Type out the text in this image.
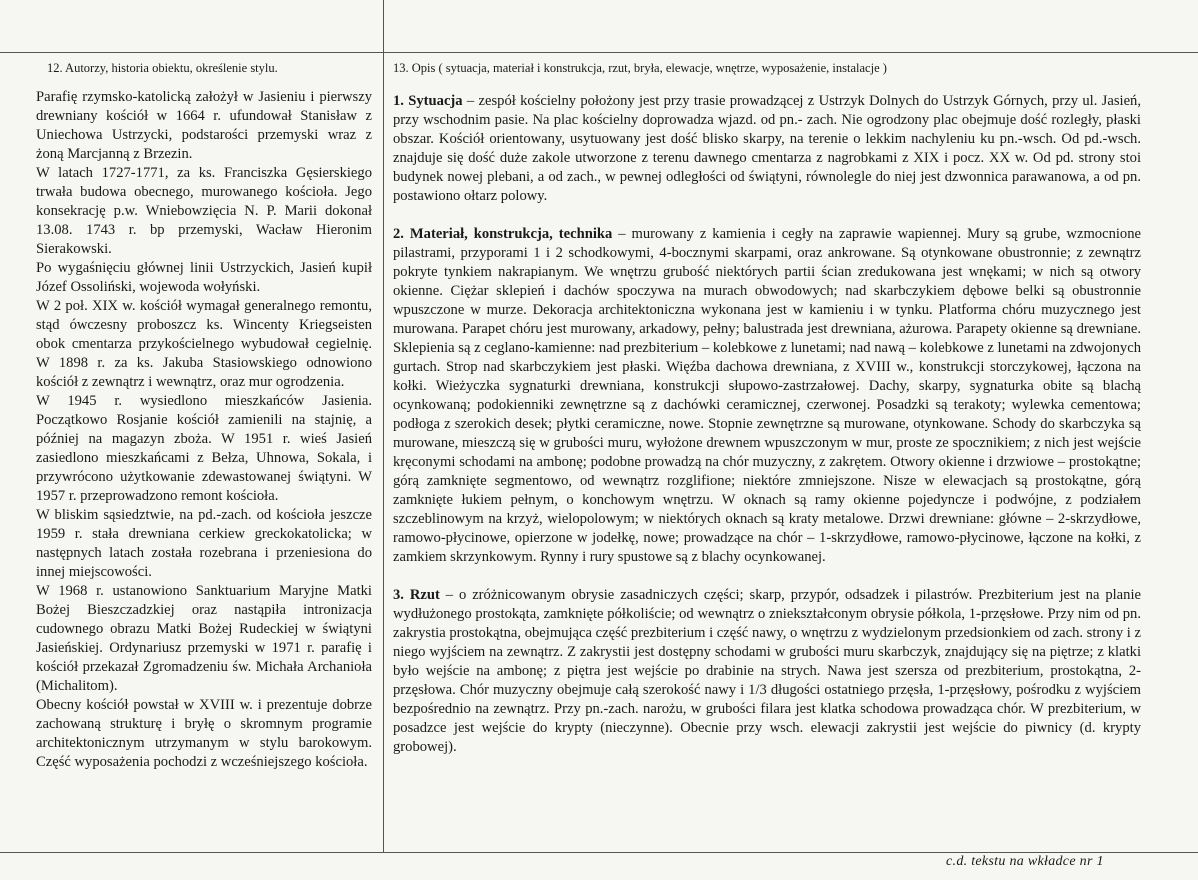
12. Autorzy, historia obiektu, określenie stylu.	13. Opis ( sytuacja, materiał i konstrukcja, rzut, bryła, elewacje, wnętrze, wyposażenie, instalacje )

Parafię rzymsko-katolicką założył w Jasieniu i pierwszy drewniany kościół w 1664 r. ufundował Stanisław z Uniechowa Ustrzycki, podstarości przemyski wraz z żoną Marcjanną z Brzezin.

W latach 1727-1771, za ks. Franciszka Gęsierskiego trwała budowa obecnego, murowanego kościoła. Jego konsekrację p.w. Wniebowzięcia N. P. Marii dokonał 13.08. 1743 r. bp przemyski, Wacław Hieronim Sierakowski.

Po wygaśnięciu głównej linii Ustrzyckich, Jasień kupił Józef Ossoliński, wojewoda wołyński.

W 2 poł. XIX w. kościół wymagał generalnego remontu, stąd ówczesny proboszcz ks. Wincenty Kriegseisten obok cmentarza przykościelnego wybudował cegielnię. W 1898 r. za ks. Jakuba Stasiowskiego odnowiono kościół z zewnątrz i wewnątrz, oraz mur ogrodzenia.

W 1945 r. wysiedlono mieszkańców Jasienia. Początkowo Rosjanie kościół zamienili na stajnię, a później na magazyn zboża. W 1951 r. wieś Jasień zasiedlono mieszkańcami z Bełza, Uhnowa, Sokala, i przywrócono użytkowanie zdewastowanej świątyni. W 1957 r. przeprowadzono remont kościoła.

W bliskim sąsiedztwie, na pd.-zach. od kościoła jeszcze 1959 r. stała drewniana cerkiew greckokatolicka; w następnych latach została rozebrana i przeniesiona do innej miejscowości.

W 1968 r. ustanowiono Sanktuarium Maryjne Matki Bożej Bieszczadzkiej oraz nastąpiła intronizacja cudownego obrazu Matki Bożej Rudeckiej w świątyni Jasieńskiej. Ordynariusz przemyski w 1971 r. parafię i kościół przekazał Zgromadzeniu św. Michała Archanioła (Michalitom).

Obecny kościół powstał w XVIII w. i prezentuje dobrze zachowaną strukturę i bryłę o skromnym programie architektonicznym utrzymanym w stylu barokowym. Część wyposażenia pochodzi z wcześniejszego kościoła.

1. Sytuacja – zespół kościelny położony jest przy trasie prowadzącej z Ustrzyk Dolnych do Ustrzyk Górnych, przy ul. Jasień, przy wschodnim pasie. Na plac kościelny doprowadza wjazd. od pn.- zach. Nie ogrodzony plac obejmuje dość rozległy, płaski obszar. Kościół orientowany, usytuowany jest dość blisko skarpy, na terenie o lekkim nachyleniu ku pn.-wsch. Od pd.-wsch. znajduje się dość duże zakole utworzone z terenu dawnego cmentarza z nagrobkami z XIX i pocz. XX w. Od pd. strony stoi budynek nowej plebani, a od zach., w pewnej odległości od świątyni, równolegle do niej jest dzwonnica parawanowa, a od pn. postawiono ołtarz polowy.
2. Materiał, konstrukcja, technika – murowany z kamienia i cegły na zaprawie wapiennej. Mury są grube, wzmocnione pilastrami, przyporami 1 i 2 schodkowymi, 4-bocznymi skarpami, oraz ankrowane. Są otynkowane obustronnie; z zewnątrz pokryte tynkiem nakrapianym. We wnętrzu grubość niektórych partii ścian zredukowana jest wnękami; w nich są otwory okienne. Ciężar sklepień i dachów spoczywa na murach obwodowych; nad skarbczykiem dębowe belki są obustronnie wpuszczone w murze. Dekoracja architektoniczna wykonana jest w kamieniu i w tynku. Platforma chóru muzycznego jest murowana. Parapet chóru jest murowany, arkadowy, pełny; balustrada jest drewniana, ażurowa. Parapety okienne są drewniane. Sklepienia są z ceglano-kamienne: nad prezbiterium – kolebkowe z lunetami; nad nawą – kolebkowe z lunetami na zdwojonych gurtach. Strop nad skarbczykiem jest płaski. Więźba dachowa drewniana, z XVIII w., konstrukcji storczykowej, łączona na kołki. Wieżyczka sygnaturki drewniana, konstrukcji słupowo-zastrzałowej. Dachy, skarpy, sygnaturka obite są blachą ocynkowaną; podokienniki zewnętrzne są z dachówki ceramicznej, czerwonej. Posadzki są terakoty; wylewka cementowa; podłoga z szerokich desek; płytki ceramiczne, nowe. Stopnie zewnętrzne są murowane, otynkowane. Schody do skarbczyka są murowane, mieszczą się w grubości muru, wyłożone drewnem wpuszczonym w mur, proste ze spocznikiem; z nich jest wejście kręconymi schodami na ambonę; podobne prowadzą na chór muzyczny, z zakrętem. Otwory okienne i drzwiowe – prostokątne; górą zamknięte segmentowo, od wewnątrz rozglifione; niektóre zmniejszone. Nisze w elewacjach są prostokątne, górą zamknięte łukiem pełnym, o konchowym wnętrzu. W oknach są ramy okienne pojedyncze i podwójne, z podziałem szczeblinowym na krzyż, wielopolowym; w niektórych oknach są kraty metalowe. Drzwi drewniane: główne – 2-skrzydłowe, ramowo-płycinowe, opierzone w jodełkę, nowe; prowadzące na chór – 1-skrzydłowe, ramowo-płycinowe, łączone na kołki, z zamkiem skrzynkowym. Rynny i rury spustowe są z blachy ocynkowanej.
3. Rzut – o zróżnicowanym obrysie zasadniczych części; skarp, przypór, odsadzek i pilastrów. Prezbiterium jest na planie wydłużonego prostokąta, zamknięte półkoliście; od wewnątrz o zniekształconym obrysie półkola, 1-przęsłowe. Przy nim od pn. zakrystia prostokątna, obejmująca część prezbiterium i część nawy, o wnętrzu z wydzielonym przedsionkiem od zach. strony i z niego wyjściem na zewnątrz. Z zakrystii jest dostępny schodami w grubości muru skarbczyk, znajdujący się na piętrze; z klatki było wejście na ambonę; z piętra jest wejście po drabinie na strych. Nawa jest szersza od prezbiterium, prostokątna, 2-przęsłowa. Chór muzyczny obejmuje całą szerokość nawy i 1/3 długości ostatniego przęsła, 1-przęsłowy, pośrodku z wyjściem bezpośrednio na zewnątrz. Przy pn.-zach. narożu, w grubości filara jest klatka schodowa prowadząca chór. W prezbiterium, w posadzce jest wejście do krypty (nieczynne). Obecnie przy wsch. elewacji zakrystii jest wejście do piwnicy (d. krypty grobowej).
c.d. tekstu na wkładce nr 1
